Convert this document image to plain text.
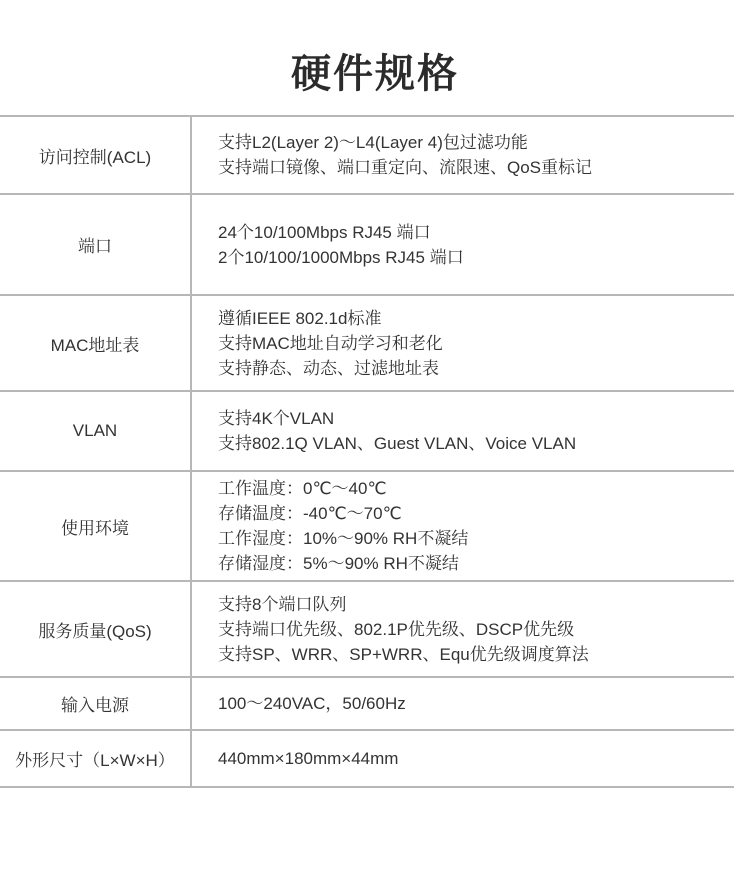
硬件规格
访问控制(ACL)
支持L2(Layer 2)～L4(Layer 4)包过滤功能
支持端口镜像、端口重定向、流限速、QoS重标记
端口
24个10/100Mbps RJ45 端口
2个10/100/1000Mbps RJ45 端口
MAC地址表
遵循IEEE 802.1d标准
支持MAC地址自动学习和老化
支持静态、动态、过滤地址表
VLAN
支持4K个VLAN
支持802.1Q VLAN、Guest VLAN、Voice VLAN
使用环境
工作温度：0℃～40℃
存储温度：-40℃～70℃
工作湿度：10%～90% RH不凝结
存储湿度：5%～90% RH不凝结
服务质量(QoS)
支持8个端口队列
支持端口优先级、802.1P优先级、DSCP优先级
支持SP、WRR、SP+WRR、Equ优先级调度算法
输入电源	100～240VAC，50/60Hz
外形尺寸（L×W×H）	440mm×180mm×44mm
